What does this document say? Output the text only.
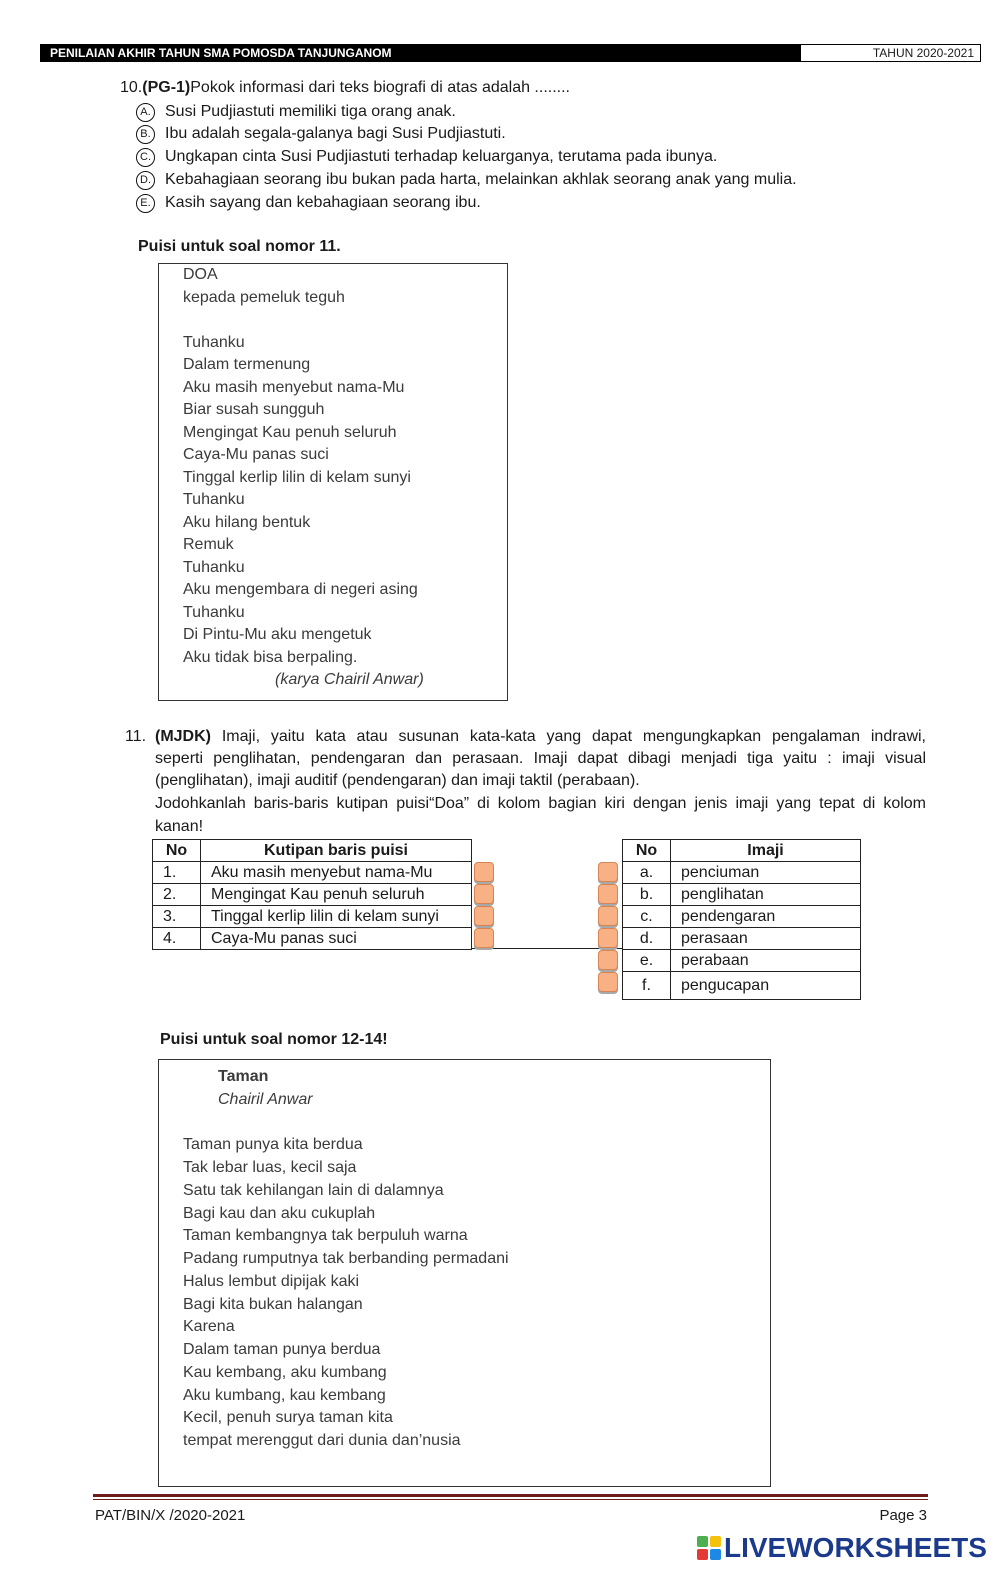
PENILAIAN AKHIR TAHUN SMA POMOSDA TANJUNGANOM	TAHUN 2020-2021
10.(PG-1)Pokok informasi dari teks biografi di atas adalah ........
A. Susi Pudjiastuti memiliki tiga orang anak.
B. Ibu adalah segala-galanya bagi Susi Pudjiastuti.
C. Ungkapan cinta Susi Pudjiastuti terhadap keluarganya, terutama pada ibunya.
D. Kebahagiaan seorang ibu bukan pada harta, melainkan akhlak seorang anak yang mulia.
E. Kasih sayang dan kebahagiaan seorang ibu.
Puisi untuk soal nomor 11.
DOA
kepada pemeluk teguh
Tuhanku
Dalam termenung
Aku masih menyebut nama-Mu
Biar susah sungguh
Mengingat Kau penuh seluruh
Caya-Mu panas suci
Tinggal kerlip lilin di kelam sunyi
Tuhanku
Aku hilang bentuk
Remuk
Tuhanku
Aku mengembara di negeri asing
Tuhanku
Di Pintu-Mu aku mengetuk
Aku tidak bisa berpaling.
(karya Chairil Anwar)
11. (MJDK) Imaji, yaitu kata atau susunan kata-kata yang dapat mengungkapkan pengalaman indrawi,
seperti penglihatan, pendengaran dan perasaan. Imaji dapat dibagi menjadi tiga yaitu : imaji visual
(penglihatan), imaji auditif (pendengaran) dan imaji taktil (perabaan).
Jodohkanlah baris-baris kutipan puisi“Doa” di kolom bagian kiri dengan jenis imaji yang tepat di kolom
kanan!
No	Kutipan baris puisi
1.	Aku masih menyebut nama-Mu
2.	Mengingat Kau penuh seluruh
3.	Tinggal kerlip lilin di kelam sunyi
4.	Caya-Mu panas suci
No	Imaji
a.	penciuman
b.	penglihatan
c.	pendengaran
d.	perasaan
e.	perabaan
f.	pengucapan
Puisi untuk soal nomor 12-14!
Taman
Chairil Anwar
Taman punya kita berdua
Tak lebar luas, kecil saja
Satu tak kehilangan lain di dalamnya
Bagi kau dan aku cukuplah
Taman kembangnya tak berpuluh warna
Padang rumputnya tak berbanding permadani
Halus lembut dipijak kaki
Bagi kita bukan halangan
Karena
Dalam taman punya berdua
Kau kembang, aku kumbang
Aku kumbang, kau kembang
Kecil, penuh surya taman kita
tempat merenggut dari dunia dan’nusia
PAT/BIN/X /2020-2021	Page 3
LIVEWORKSHEETS
